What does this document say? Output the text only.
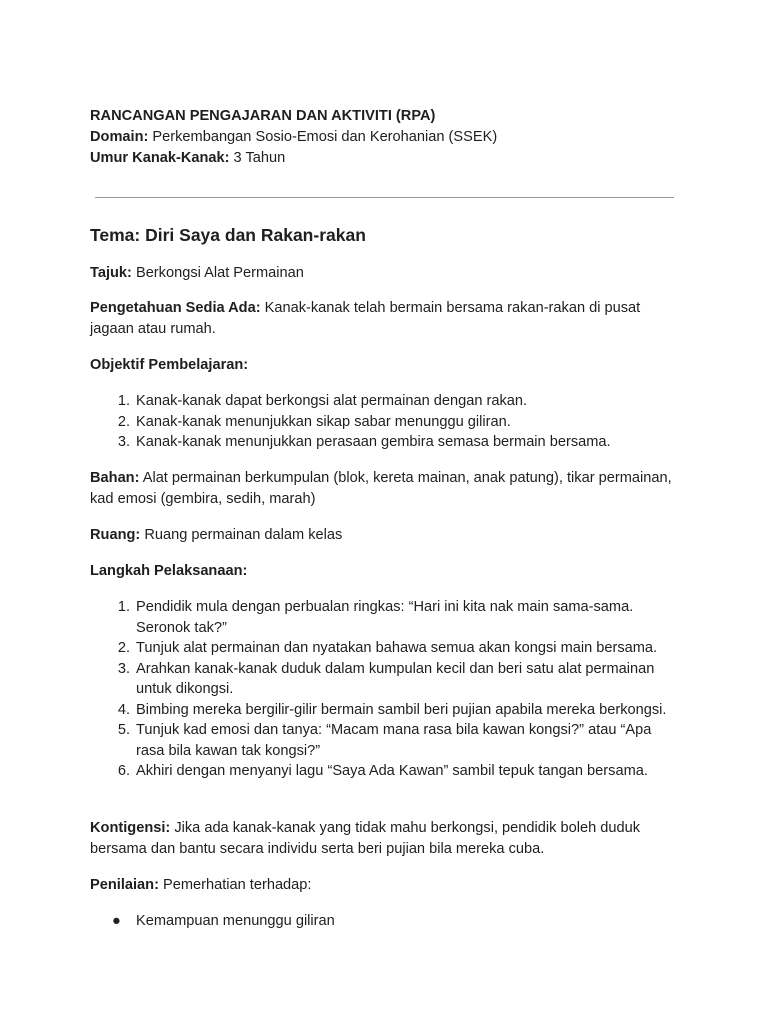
RANCANGAN PENGAJARAN DAN AKTIVITI (RPA)
Domain: Perkembangan Sosio-Emosi dan Kerohanian (SSEK)
Umur Kanak-Kanak: 3 Tahun
Tema: Diri Saya dan Rakan-rakan
Tajuk: Berkongsi Alat Permainan
Pengetahuan Sedia Ada: Kanak-kanak telah bermain bersama rakan-rakan di pusat jagaan atau rumah.
Objektif Pembelajaran:
1. Kanak-kanak dapat berkongsi alat permainan dengan rakan.
2. Kanak-kanak menunjukkan sikap sabar menunggu giliran.
3. Kanak-kanak menunjukkan perasaan gembira semasa bermain bersama.
Bahan: Alat permainan berkumpulan (blok, kereta mainan, anak patung), tikar permainan, kad emosi (gembira, sedih, marah)
Ruang: Ruang permainan dalam kelas
Langkah Pelaksanaan:
1. Pendidik mula dengan perbualan ringkas: “Hari ini kita nak main sama-sama. Seronok tak?”
2. Tunjuk alat permainan dan nyatakan bahawa semua akan kongsi main bersama.
3. Arahkan kanak-kanak duduk dalam kumpulan kecil dan beri satu alat permainan untuk dikongsi.
4. Bimbing mereka bergilir-gilir bermain sambil beri pujian apabila mereka berkongsi.
5. Tunjuk kad emosi dan tanya: “Macam mana rasa bila kawan kongsi?” atau “Apa rasa bila kawan tak kongsi?”
6. Akhiri dengan menyanyi lagu “Saya Ada Kawan” sambil tepuk tangan bersama.
Kontigensi: Jika ada kanak-kanak yang tidak mahu berkongsi, pendidik boleh duduk bersama dan bantu secara individu serta beri pujian bila mereka cuba.
Penilaian: Pemerhatian terhadap:
● Kemampuan menunggu giliran
